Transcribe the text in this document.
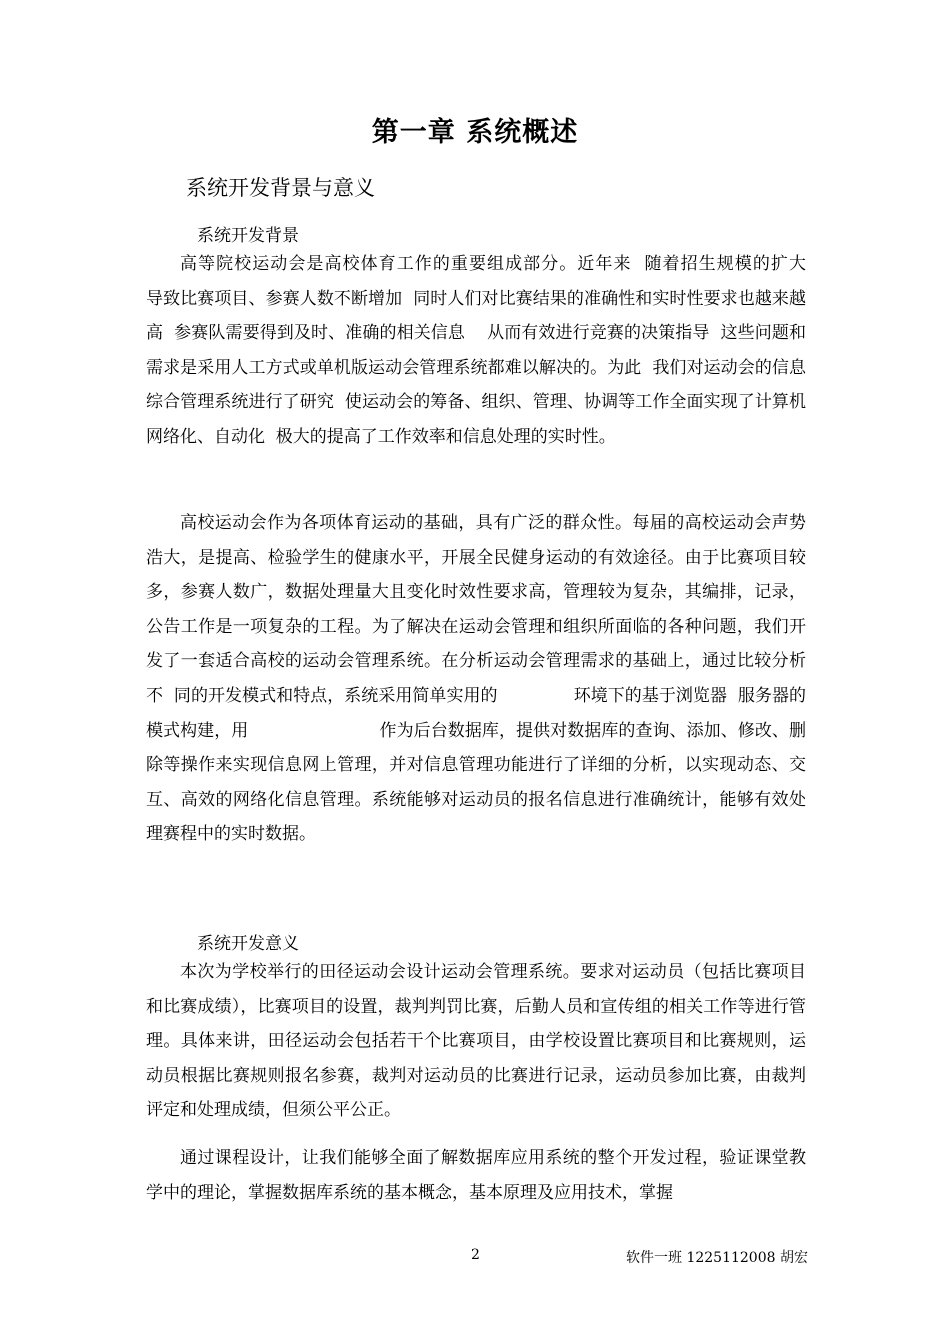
第一章 系统概述
系统开发背景与意义
系统开发背景
高等院校运动会是高校体育工作的重要组成部分。近年来  随着招生规模的扩大    导致比赛项目、参赛人数不断增加  同时人们对比赛结果的准确性和实时性要求也越来越高  参赛队需要得到及时、准确的相关信息    从而有效进行竞赛的决策指导  这些问题和需求是采用人工方式或单机版运动会管理系统都难以解决的。为此  我们对运动会的信息综合管理系统进行了研究  使运动会的筹备、组织、管理、协调等工作全面实现了计算机网络化、自动化  极大的提高了工作效率和信息处理的实时性。
高校运动会作为各项体育运动的基础，具有广泛的群众性。每届的高校运动会声势浩大，是提高、检验学生的健康水平，开展全民健身运动的有效途径。由于比赛项目较多，参赛人数广，数据处理量大且变化时效性要求高，管理较为复杂，其编排，记录，公告工作是一项复杂的工程。为了解决在运动会管理和组织所面临的各种问题，我们开发了一套适合高校的运动会管理系统。在分析运动会管理需求的基础上，通过比较分析不  同的开发模式和特点，系统采用简单实用的              环境下的基于浏览器  服务器的模式构建，用                        作为后台数据库，提供对数据库的查询、添加、修改、删除等操作来实现信息网上管理，并对信息管理功能进行了详细的分析，以实现动态、交互、高效的网络化信息管理。系统能够对运动员的报名信息进行准确统计，能够有效处理赛程中的实时数据。
系统开发意义
本次为学校举行的田径运动会设计运动会管理系统。要求对运动员（包括比赛项目和比赛成绩），比赛项目的设置，裁判判罚比赛，后勤人员和宣传组的相关工作等进行管理。具体来讲，田径运动会包括若干个比赛项目，由学校设置比赛项目和比赛规则，运动员根据比赛规则报名参赛，裁判对运动员的比赛进行记录，运动员参加比赛，由裁判评定和处理成绩，但须公平公正。
通过课程设计，让我们能够全面了解数据库应用系统的整个开发过程，验证课堂教学中的理论，掌握数据库系统的基本概念，基本原理及应用技术，掌握
2	软件一班 1225112008 胡宏
